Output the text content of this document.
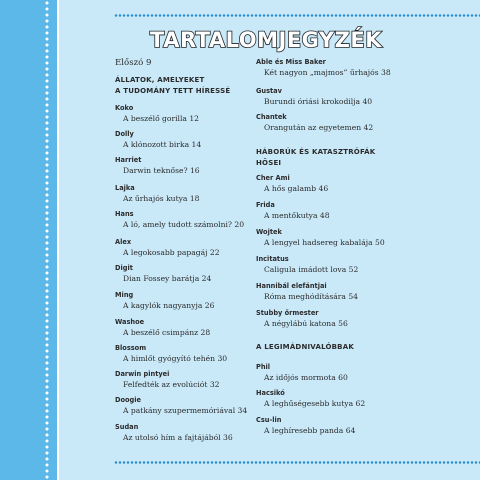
TARTALOMJEGYZÉK
Előszó 9
ÁLLATOK, AMELYEKET
A TUDOMÁNY TETT HÍRESSÉ
Koko
A beszélő gorilla 12
Dolly
A klónozott birka 14
Harriet
Darwin teknőse? 16
Lajka
Az űrhajós kutya 18
Hans
A ló, amely tudott számolni? 20
Alex
A legokosabb papagáj 22
Digit
Dian Fossey barátja 24
Ming
A kagylók nagyanyja 26
Washoe
A beszélő csimpánz 28
Blossom
A himlőt gyógyító tehén 30
Darwin pintyei
Felfedték az evolúciót 32
Doogie
A patkány szupermemóriával 34
Sudan
Az utolsó hím a fajtájából 36
Able és Miss Baker
Két nagyon „majmos” űrhajós 38
Gustav
Burundi óriási krokodilja 40
Chantek
Orangután az egyetemen 42
HÁBORÚK ÉS KATASZTRÓFÁK
HŐSEI
Cher Ami
A hős galamb 46
Frida
A mentőkutya 48
Wojtek
A lengyel hadsereg kabalája 50
Incitatus
Caligula imádott lova 52
Hannibál elefántjai
Róma meghódítására 54
Stubby őrmester
A négylábú katona 56
A LEGIMÁDNIVALÓBBAK
Phil
Az időjós mormota 60
Hacsikó
A leghűségesebb kutya 62
Csu-lin
A leghíresebb panda 64
